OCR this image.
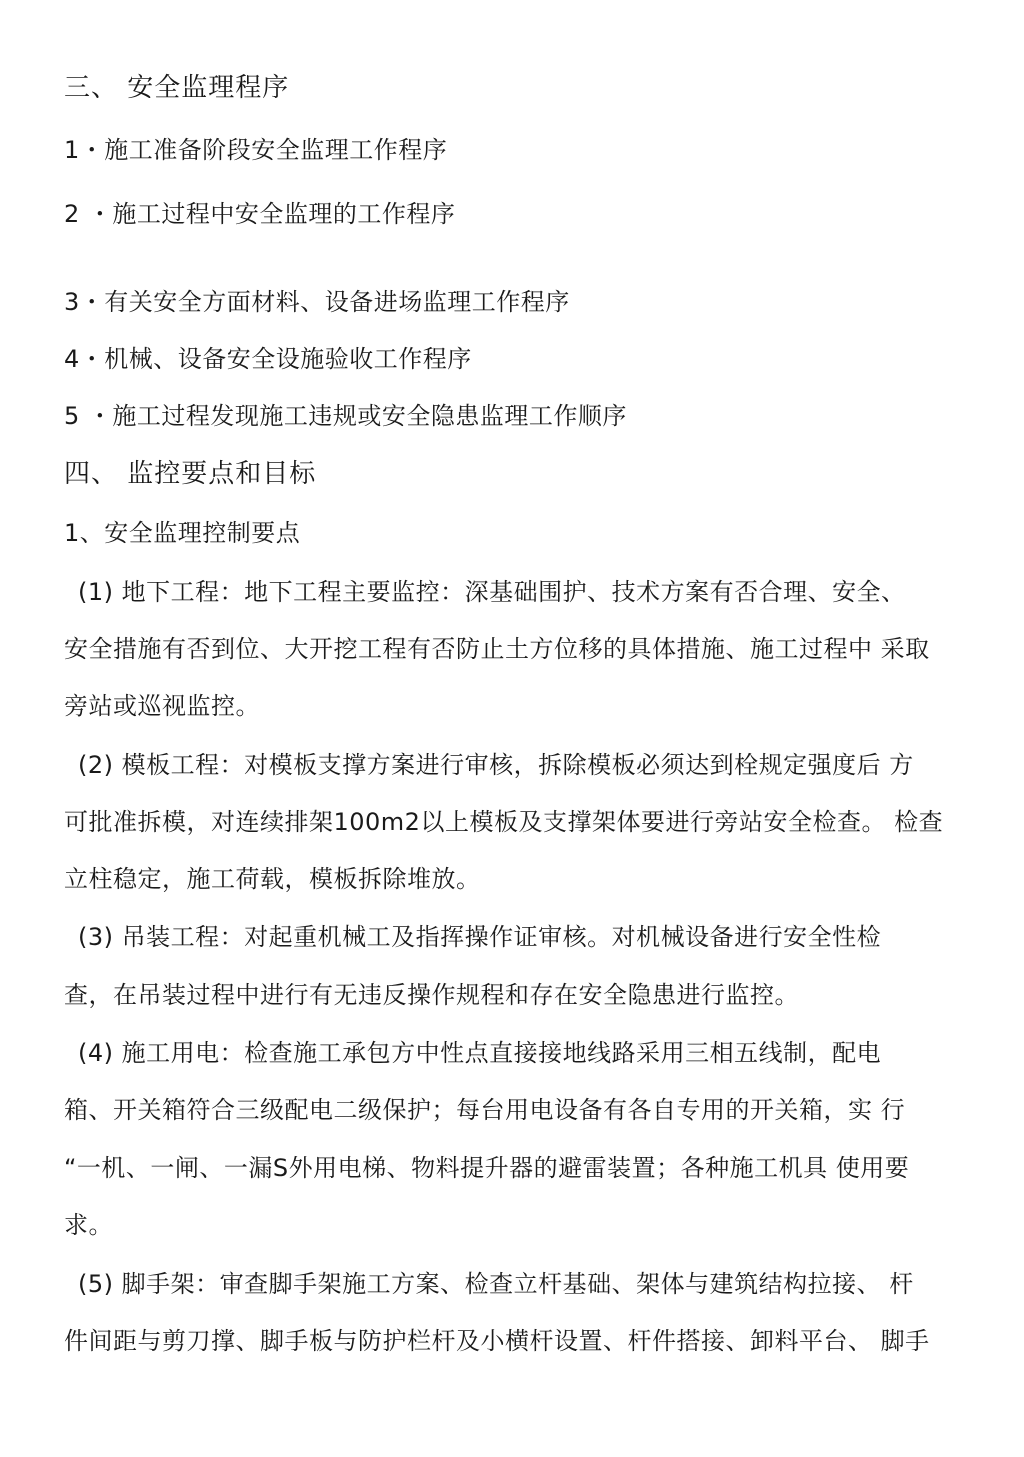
三、 安全监理程序
1・施工准备阶段安全监理工作程序
2 ・施工过程中安全监理的工作程序
3・有关安全方面材料、设备进场监理工作程序
4・机械、设备安全设施验收工作程序
5 ・施工过程发现施工违规或安全隐患监理工作顺序
四、 监控要点和目标
1、安全监理控制要点
(1) 地下工程：地下工程主要监控：深基础围护、技术方案有否合理、安全、
安全措施有否到位、大开挖工程有否防止土方位移的具体措施、施工过程中 采取
旁站或巡视监控。
(2) 模板工程：对模板支撑方案进行审核，拆除模板必须达到栓规定强度后 方
可批准拆模，对连续排架100m2以上模板及支撑架体要进行旁站安全检查。 检查
立柱稳定，施工荷载，模板拆除堆放。
(3) 吊装工程：对起重机械工及指挥操作证审核。对机械设备进行安全性检
查，在吊装过程中进行有无违反操作规程和存在安全隐患进行监控。
(4) 施工用电：检查施工承包方中性点直接接地线路采用三相五线制，配电
箱、开关箱符合三级配电二级保护；每台用电设备有各自专用的开关箱，实 行
“一机、一闸、一漏S外用电梯、物料提升器的避雷装置；各种施工机具 使用要
求。
(5) 脚手架：审查脚手架施工方案、检查立杆基础、架体与建筑结构拉接、 杆
件间距与剪刀撑、脚手板与防护栏杆及小横杆设置、杆件搭接、卸料平台、 脚手
